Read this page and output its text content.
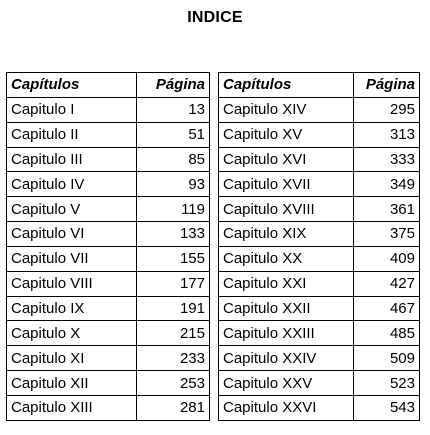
INDICE
Capítulos	Página
Capitulo I	13
Capitulo II	51
Capitulo III	85
Capitulo IV	93
Capitulo V	119
Capitulo VI	133
Capitulo VII	155
Capitulo VIII	177
Capitulo IX	191
Capitulo X	215
Capitulo XI	233
Capitulo XII	253
Capitulo XIII	281
Capítulos	Página
Capitulo XIV	295
Capitulo XV	313
Capitulo XVI	333
Capitulo XVII	349
Capitulo XVIII	361
Capitulo XIX	375
Capitulo XX	409
Capitulo XXI	427
Capitulo XXII	467
Capitulo XXIII	485
Capitulo XXIV	509
Capitulo XXV	523
Capitulo XXVI	543
